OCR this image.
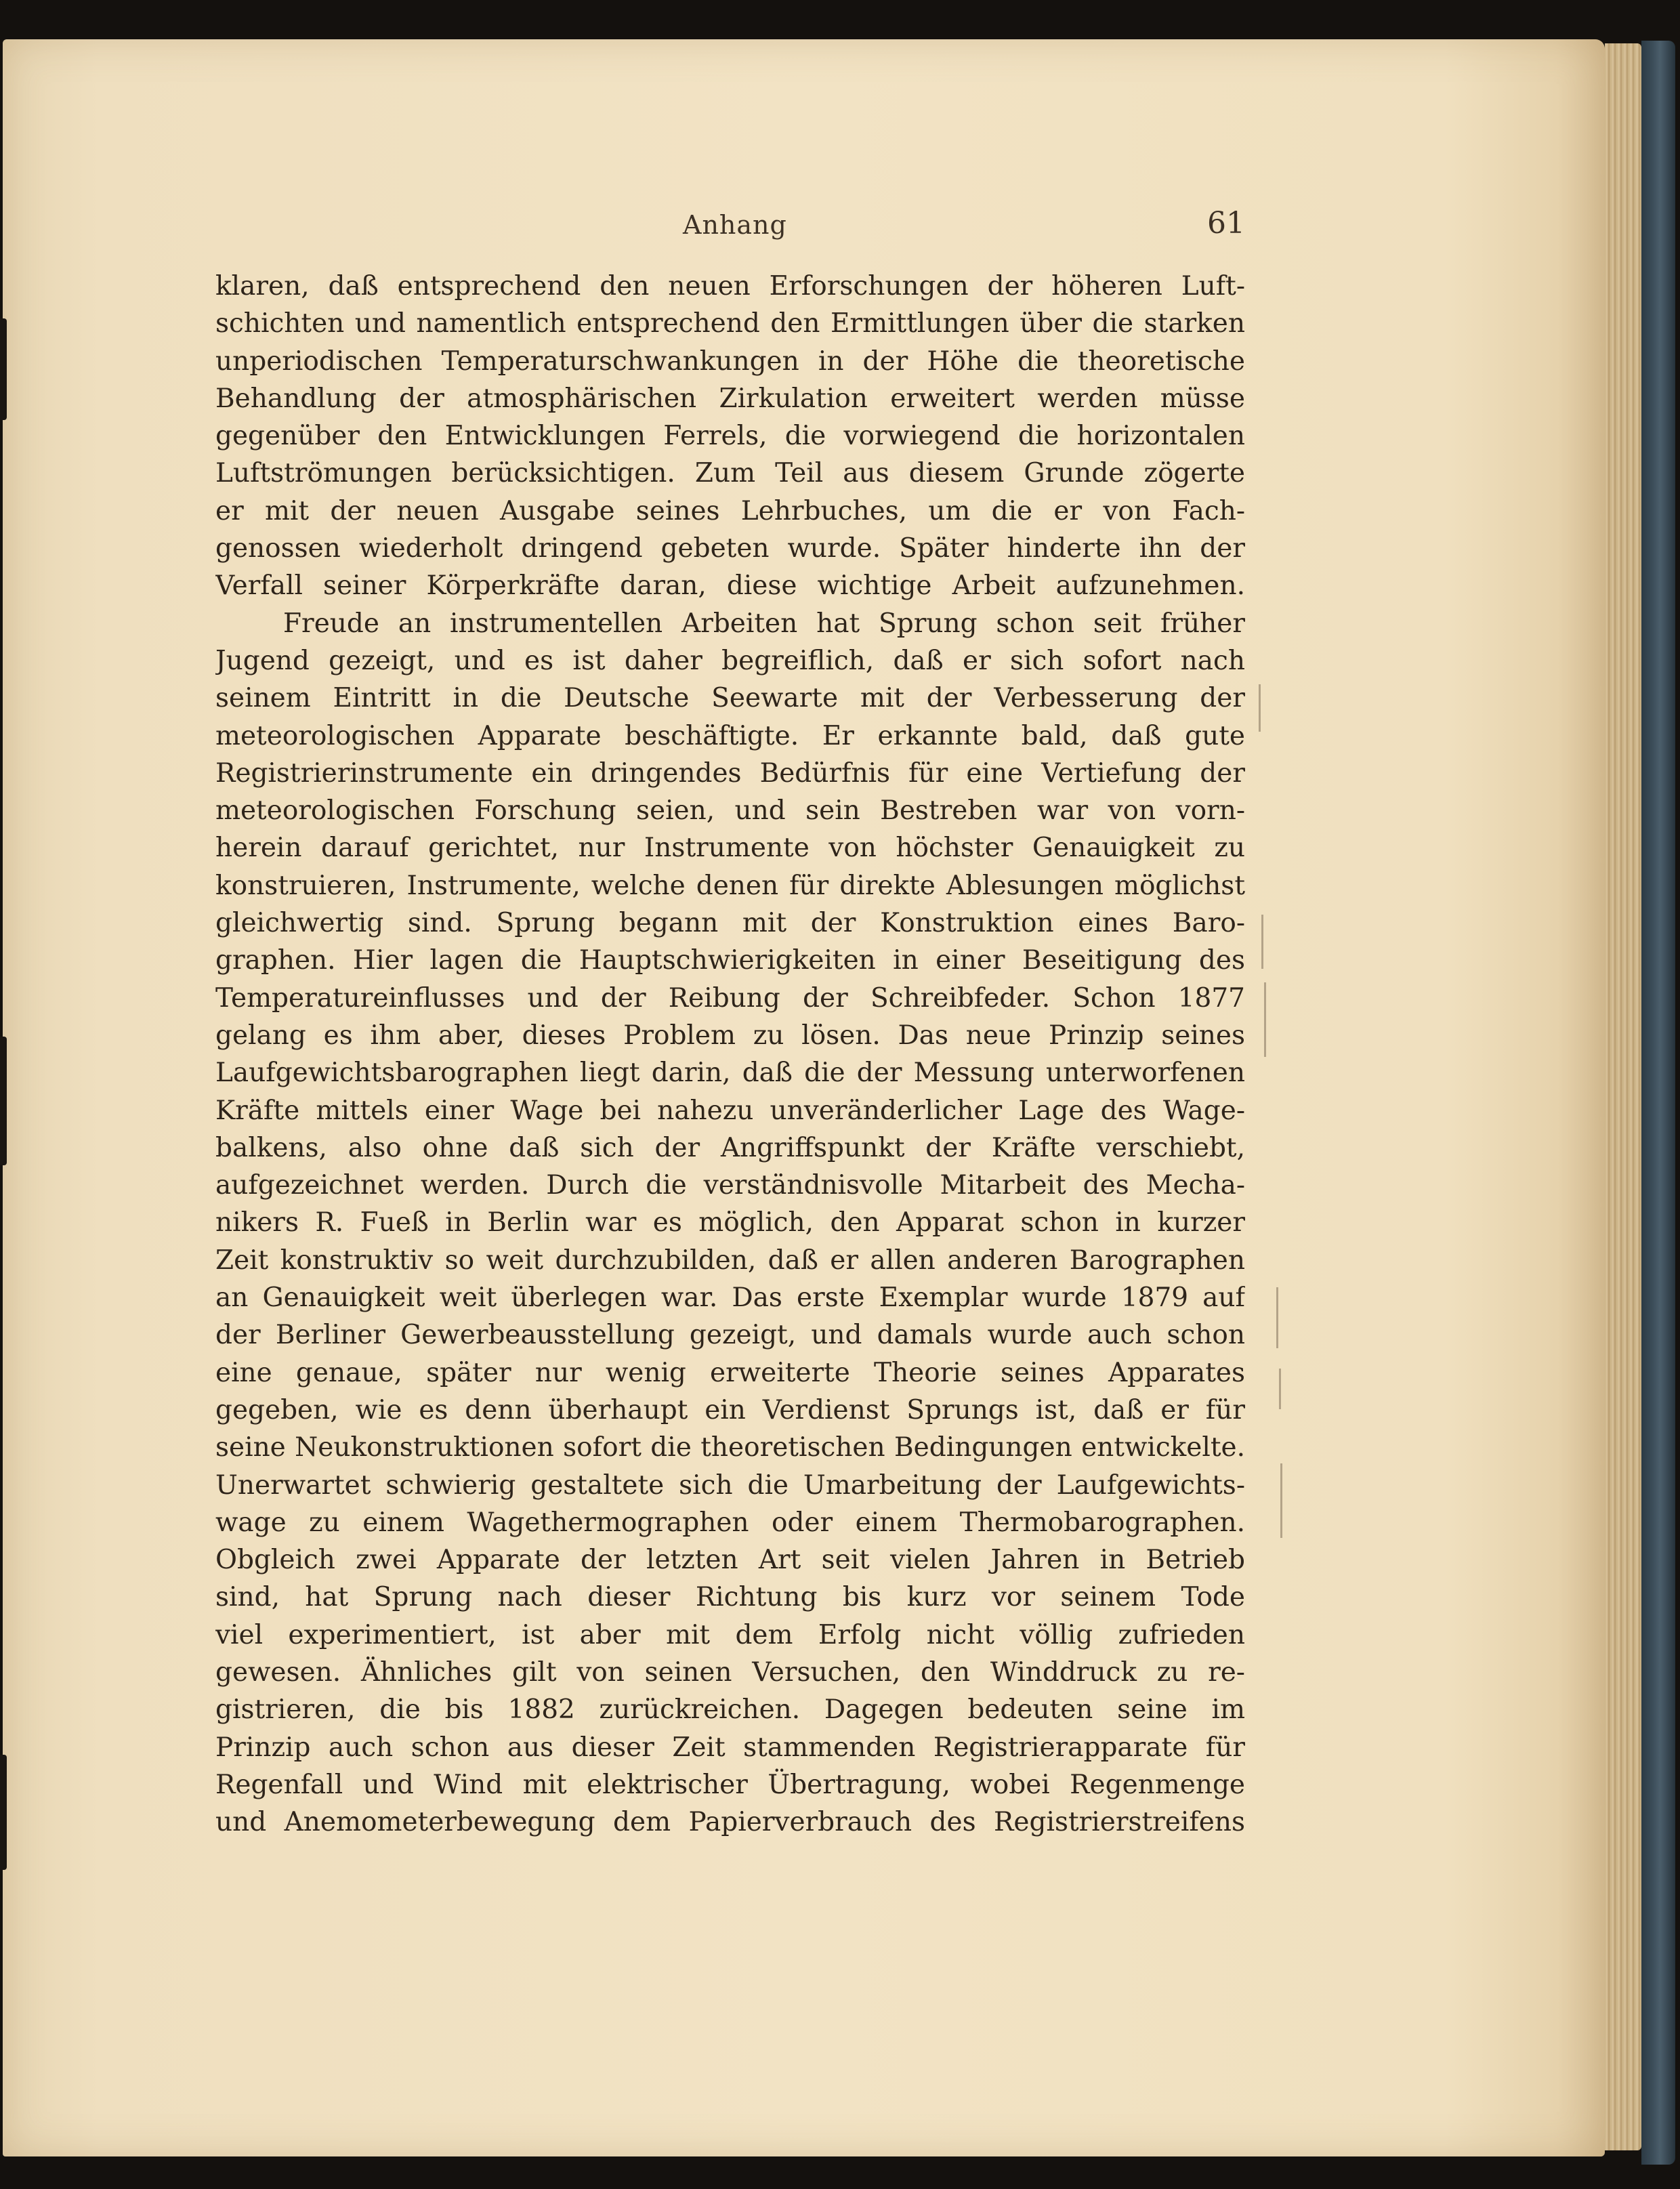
Anhang	61
klaren, daß entsprechend den neuen Erforschungen der höheren Luft-
schichten und namentlich entsprechend den Ermittlungen über die starken
unperiodischen Temperaturschwankungen in der Höhe die theoretische
Behandlung der atmosphärischen Zirkulation erweitert werden müsse
gegenüber den Entwicklungen Ferrels, die vorwiegend die horizontalen
Luftströmungen berücksichtigen. Zum Teil aus diesem Grunde zögerte
er mit der neuen Ausgabe seines Lehrbuches, um die er von Fach-
genossen wiederholt dringend gebeten wurde. Später hinderte ihn der
Verfall seiner Körperkräfte daran, diese wichtige Arbeit aufzunehmen.
Freude an instrumentellen Arbeiten hat Sprung schon seit früher
Jugend gezeigt, und es ist daher begreiflich, daß er sich sofort nach
seinem Eintritt in die Deutsche Seewarte mit der Verbesserung der
meteorologischen Apparate beschäftigte. Er erkannte bald, daß gute
Registrierinstrumente ein dringendes Bedürfnis für eine Vertiefung der
meteorologischen Forschung seien, und sein Bestreben war von vorn-
herein darauf gerichtet, nur Instrumente von höchster Genauigkeit zu
konstruieren, Instrumente, welche denen für direkte Ablesungen möglichst
gleichwertig sind. Sprung begann mit der Konstruktion eines Baro-
graphen. Hier lagen die Hauptschwierigkeiten in einer Beseitigung des
Temperatureinflusses und der Reibung der Schreibfeder. Schon 1877
gelang es ihm aber, dieses Problem zu lösen. Das neue Prinzip seines
Laufgewichtsbarographen liegt darin, daß die der Messung unterworfenen
Kräfte mittels einer Wage bei nahezu unveränderlicher Lage des Wage-
balkens, also ohne daß sich der Angriffspunkt der Kräfte verschiebt,
aufgezeichnet werden. Durch die verständnisvolle Mitarbeit des Mecha-
nikers R. Fueß in Berlin war es möglich, den Apparat schon in kurzer
Zeit konstruktiv so weit durchzubilden, daß er allen anderen Barographen
an Genauigkeit weit überlegen war. Das erste Exemplar wurde 1879 auf
der Berliner Gewerbeausstellung gezeigt, und damals wurde auch schon
eine genaue, später nur wenig erweiterte Theorie seines Apparates
gegeben, wie es denn überhaupt ein Verdienst Sprungs ist, daß er für
seine Neukonstruktionen sofort die theoretischen Bedingungen entwickelte.
Unerwartet schwierig gestaltete sich die Umarbeitung der Laufgewichts-
wage zu einem Wagethermographen oder einem Thermobarographen.
Obgleich zwei Apparate der letzten Art seit vielen Jahren in Betrieb
sind, hat Sprung nach dieser Richtung bis kurz vor seinem Tode
viel experimentiert, ist aber mit dem Erfolg nicht völlig zufrieden
gewesen. Ähnliches gilt von seinen Versuchen, den Winddruck zu re-
gistrieren, die bis 1882 zurückreichen. Dagegen bedeuten seine im
Prinzip auch schon aus dieser Zeit stammenden Registrierapparate für
Regenfall und Wind mit elektrischer Übertragung, wobei Regenmenge
und Anemometerbewegung dem Papierverbrauch des Registrierstreifens
